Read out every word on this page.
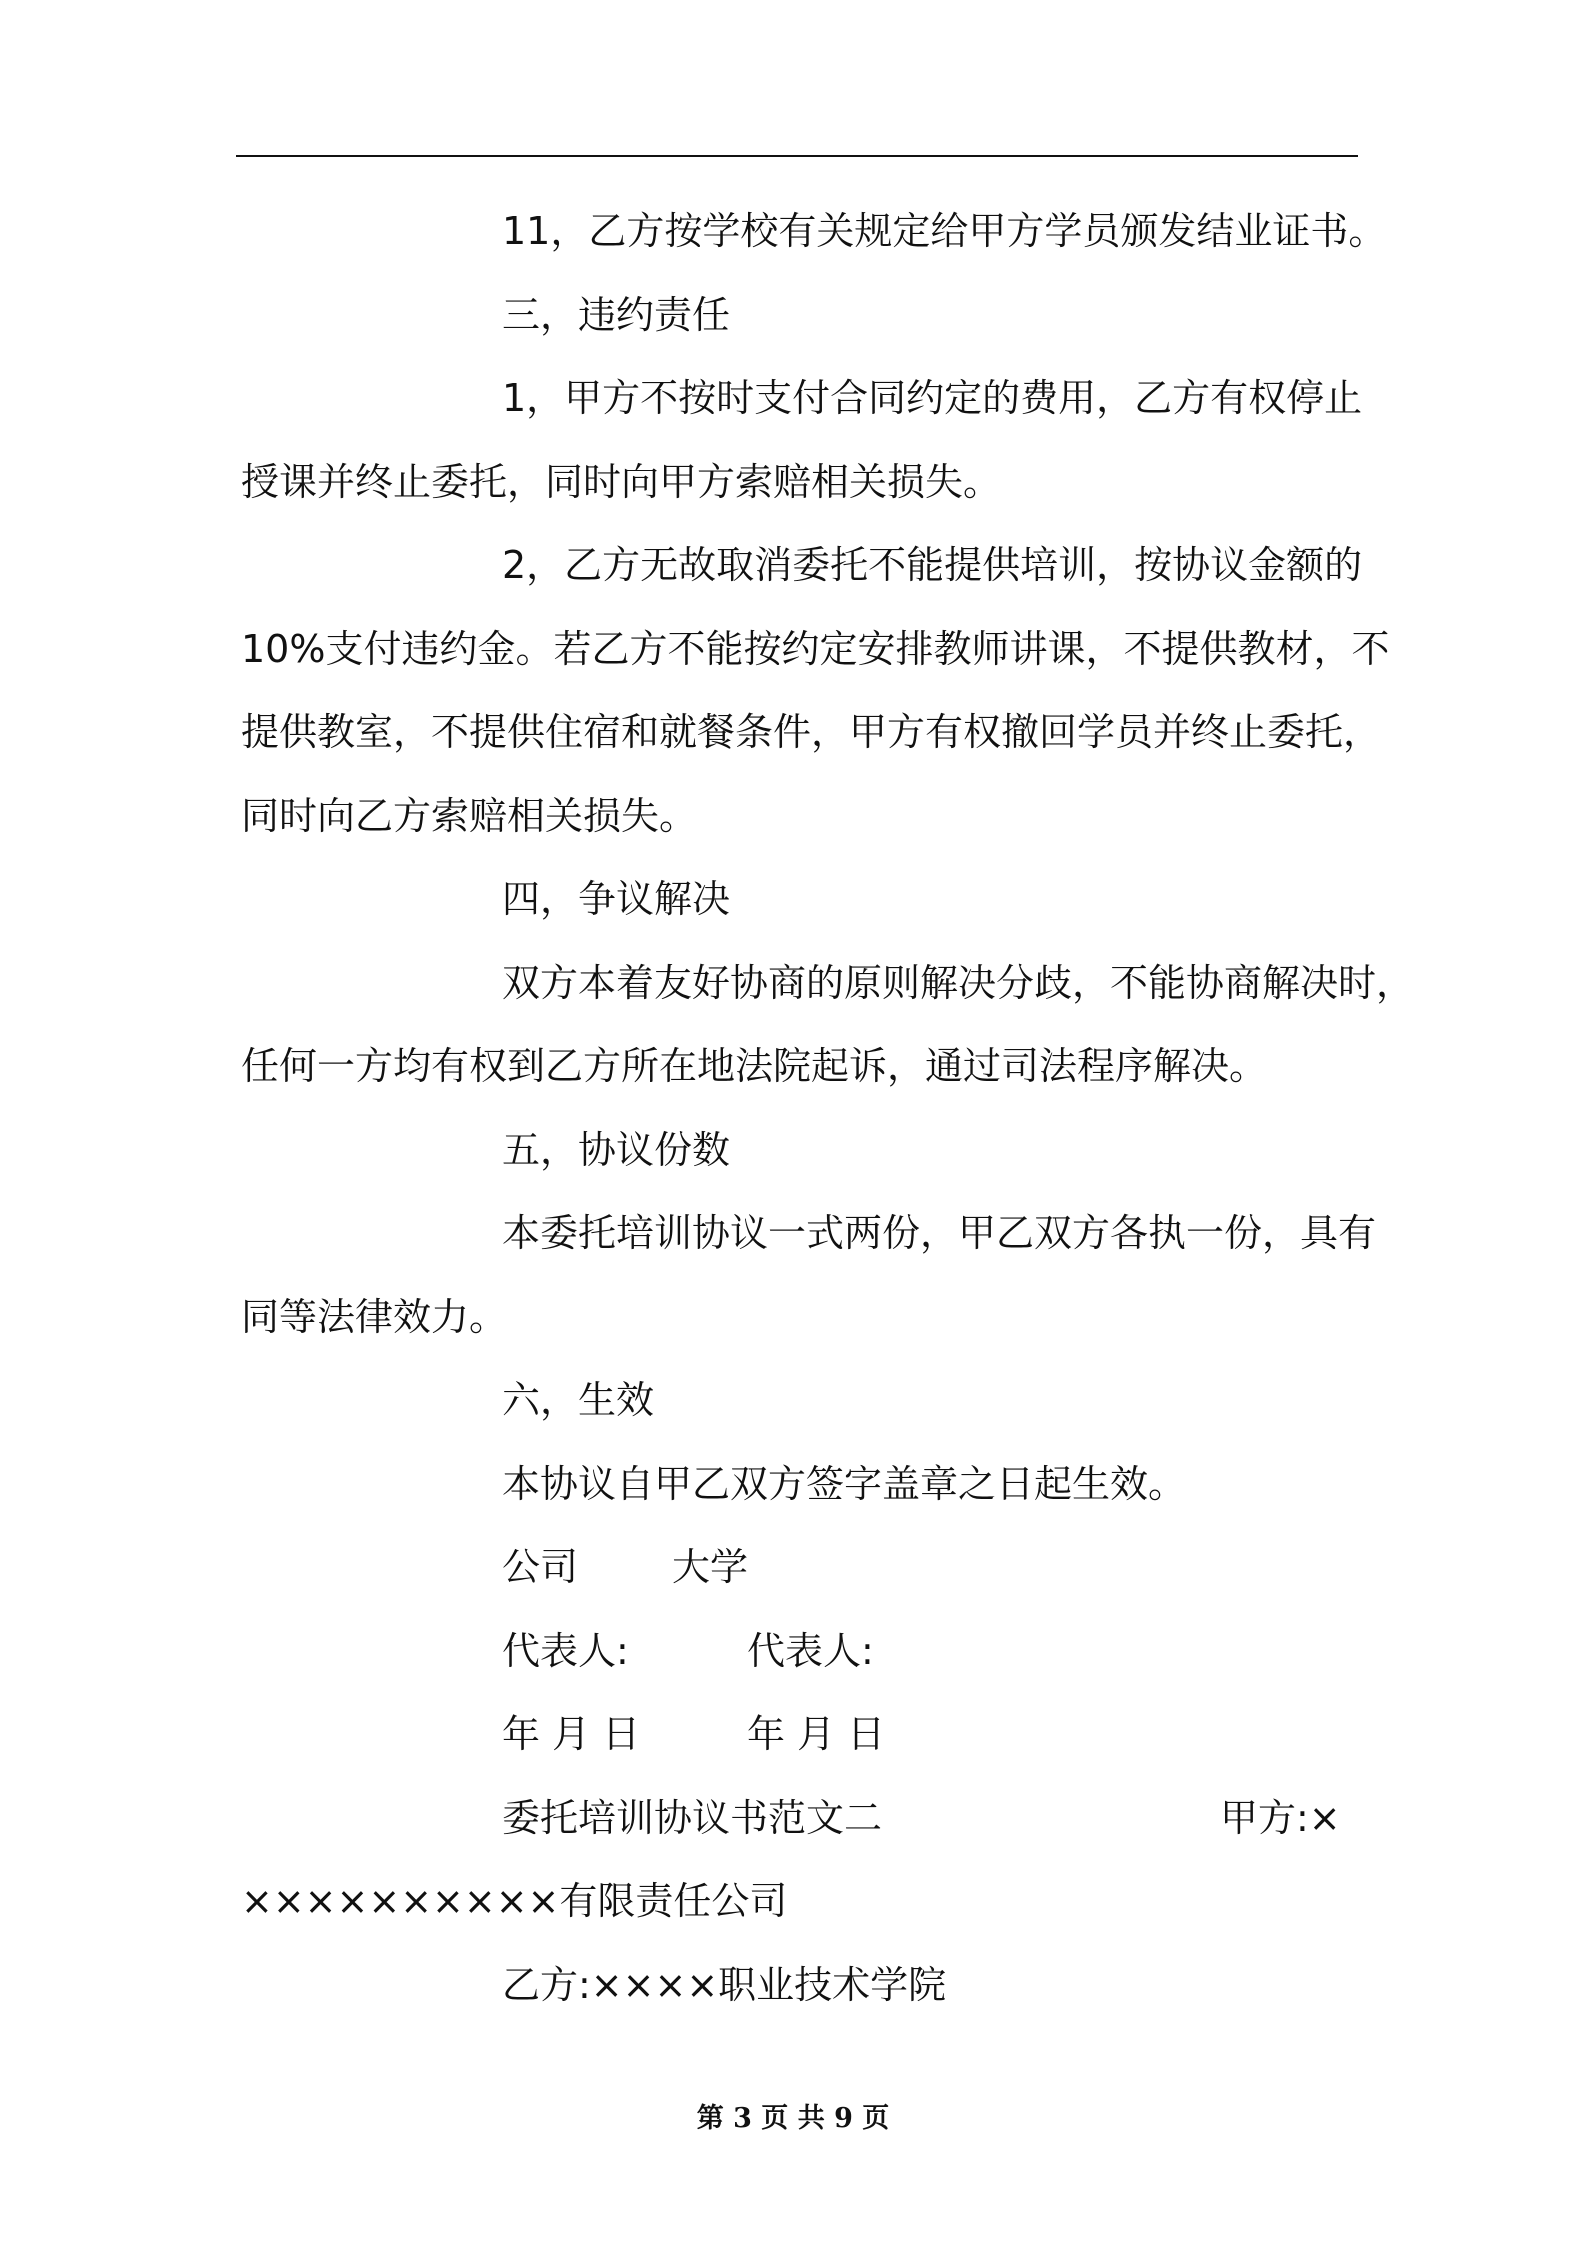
11，乙方按学校有关规定给甲方学员颁发结业证书。
三，违约责任
1，甲方不按时支付合同约定的费用，乙方有权停止
授课并终止委托，同时向甲方索赔相关损失。
2，乙方无故取消委托不能提供培训，按协议金额的
10%支付违约金。若乙方不能按约定安排教师讲课，不提供教材，不
提供教室，不提供住宿和就餐条件，甲方有权撤回学员并终止委托，
同时向乙方索赔相关损失。
四，争议解决
双方本着友好协商的原则解决分歧，不能协商解决时，
任何一方均有权到乙方所在地法院起诉，通过司法程序解决。
五，协议份数
本委托培训协议一式两份，甲乙双方各执一份，具有
同等法律效力。
六，生效
本协议自甲乙双方签字盖章之日起生效。
公司 大学
代表人:	代表人:
年 月 日	年 月 日
委托培训协议书范文二	甲方:×
××××××××××有限责任公司
乙方:××××职业技术学院
第 3 页 共 9 页
